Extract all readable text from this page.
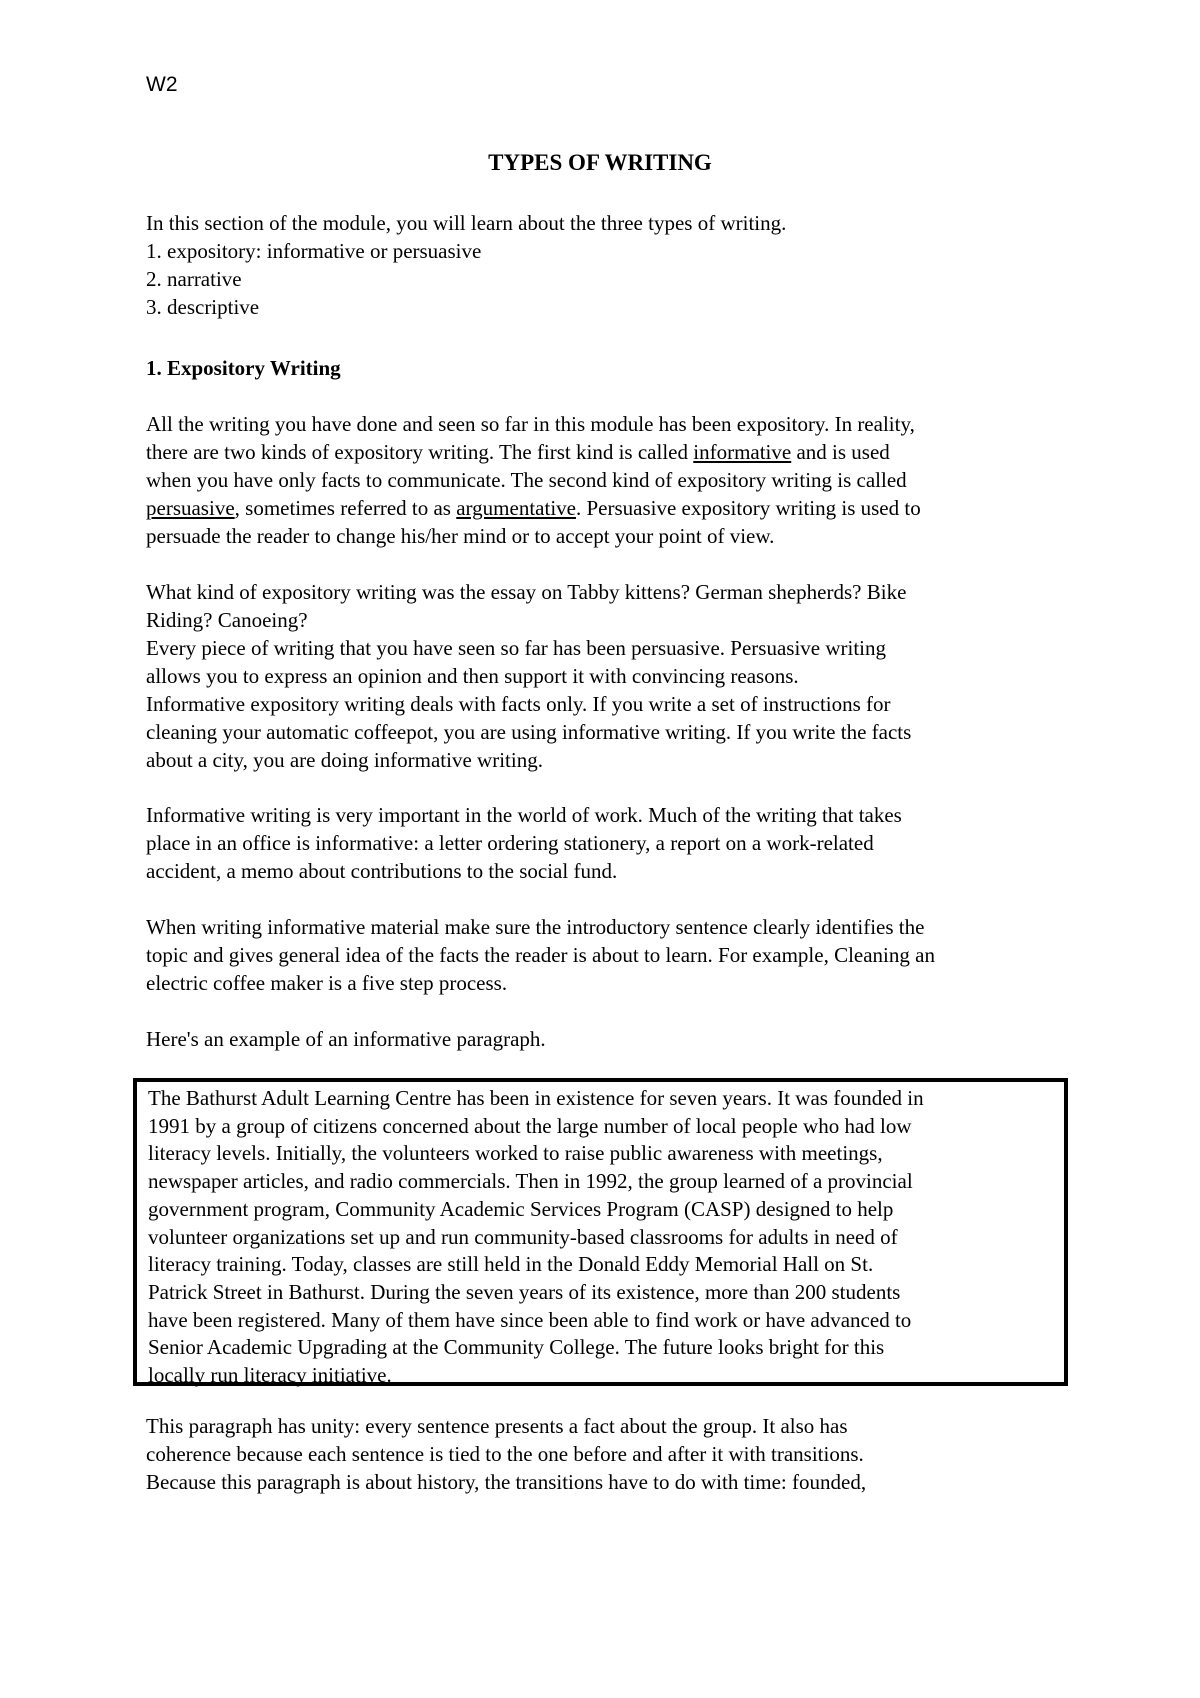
W2
TYPES OF WRITING

In this section of the module, you will learn about the three types of writing.

1. expository: informative or persuasive

2. narrative

3. descriptive

1. Expository Writing

All the writing you have done and seen so far in this module has been expository. In reality,

there are two kinds of expository writing. The first kind is called informative and is used

when you have only facts to communicate. The second kind of expository writing is called

persuasive, sometimes referred to as argumentative. Persuasive expository writing is used to

persuade the reader to change his/her mind or to accept your point of view.

What kind of expository writing was the essay on Tabby kittens? German shepherds? Bike

Riding? Canoeing?

Every piece of writing that you have seen so far has been persuasive. Persuasive writing

allows you to express an opinion and then support it with convincing reasons.

Informative expository writing deals with facts only. If you write a set of instructions for

cleaning your automatic coffeepot, you are using informative writing. If you write the facts

about a city, you are doing informative writing.

Informative writing is very important in the world of work. Much of the writing that takes

place in an office is informative: a letter ordering stationery, a report on a work-related

accident, a memo about contributions to the social fund.

When writing informative material make sure the introductory sentence clearly identifies the

topic and gives general idea of the facts the reader is about to learn. For example, Cleaning an

electric coffee maker is a five step process.

Here's an example of an informative paragraph.

The Bathurst Adult Learning Centre has been in existence for seven years. It was founded in

1991 by a group of citizens concerned about the large number of local people who had low

literacy levels. Initially, the volunteers worked to raise public awareness with meetings,

newspaper articles, and radio commercials. Then in 1992, the group learned of a provincial

government program, Community Academic Services Program (CASP) designed to help

volunteer organizations set up and run community-based classrooms for adults in need of

literacy training. Today, classes are still held in the Donald Eddy Memorial Hall on St.

Patrick Street in Bathurst. During the seven years of its existence, more than 200 students

have been registered. Many of them have since been able to find work or have advanced to

Senior Academic Upgrading at the Community College. The future looks bright for this

locally run literacy initiative.

This paragraph has unity: every sentence presents a fact about the group. It also has

coherence because each sentence is tied to the one before and after it with transitions.

Because this paragraph is about history, the transitions have to do with time: founded,
